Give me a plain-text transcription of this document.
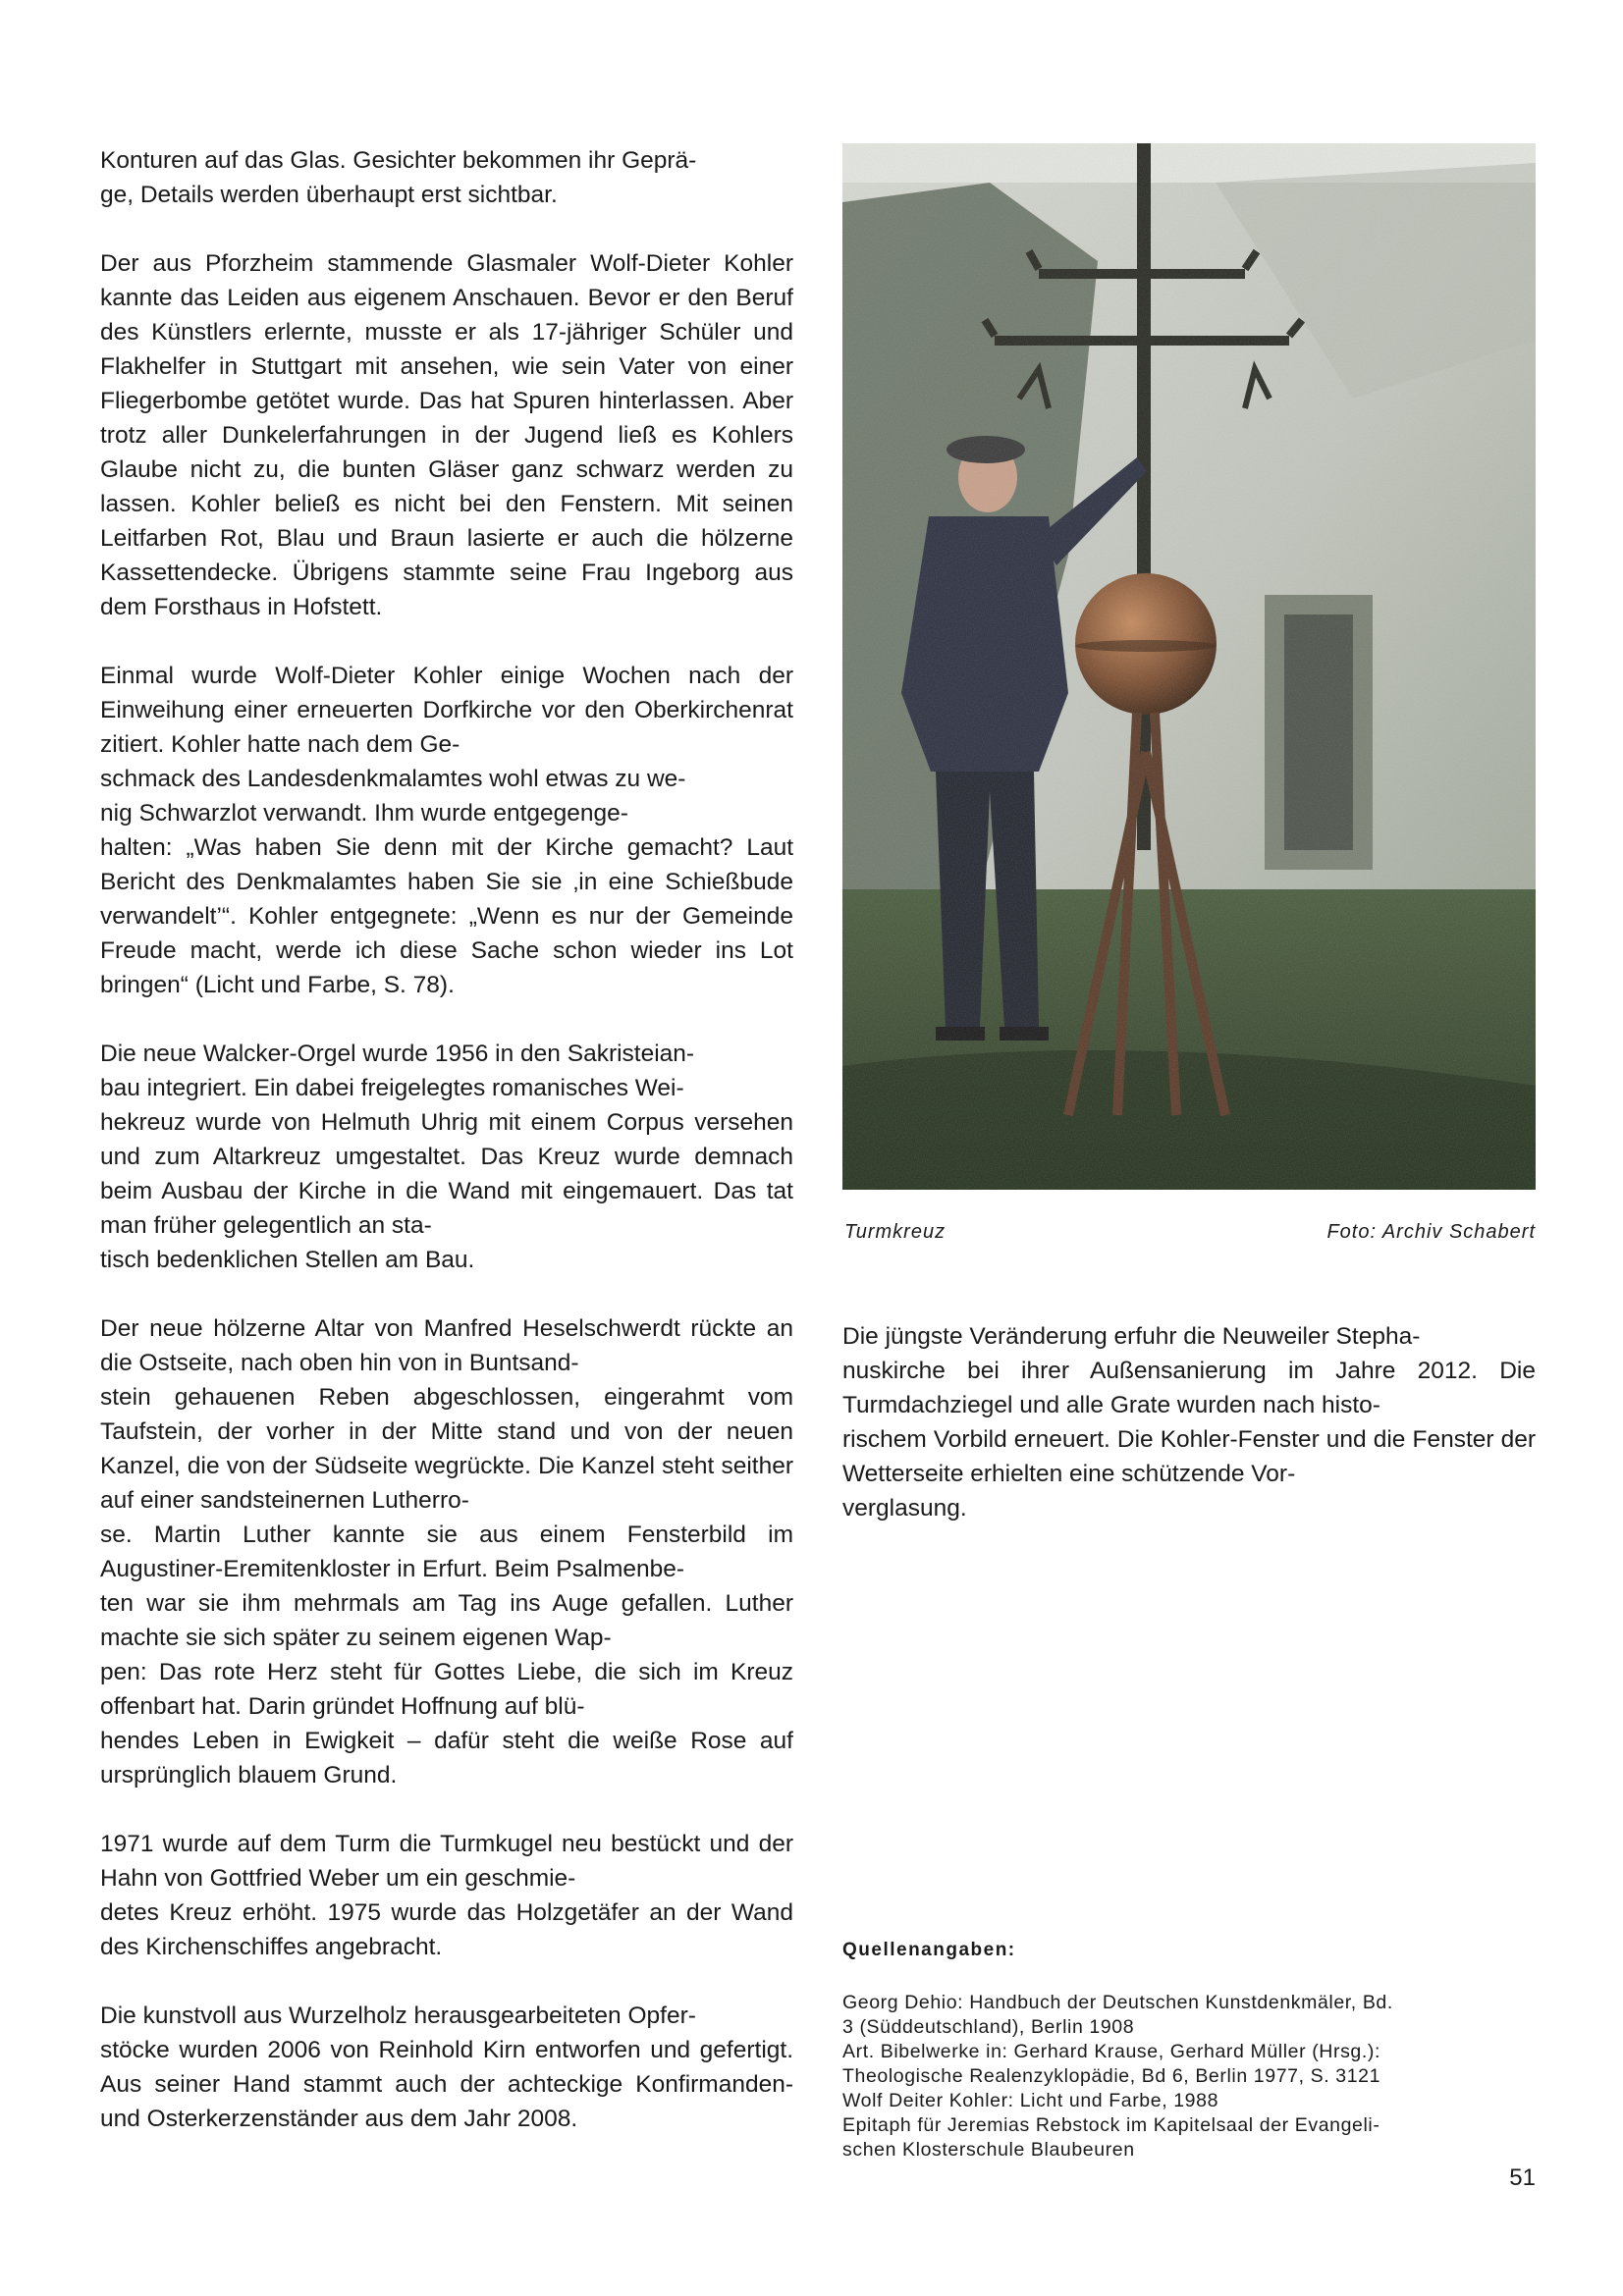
Konturen auf das Glas. Gesichter bekommen ihr Geprä-
ge, Details werden überhaupt erst sichtbar.

Der aus Pforzheim stammende Glasmaler Wolf-Dieter Kohler kannte das Leiden aus eigenem Anschauen. Bevor er den Beruf des Künstlers erlernte, musste er als 17-jähriger Schüler und Flakhelfer in Stuttgart mit ansehen, wie sein Vater von einer Fliegerbombe getötet wurde. Das hat Spuren hinterlassen. Aber trotz aller Dunkelerfahrungen in der Jugend ließ es Kohlers Glaube nicht zu, die bunten Gläser ganz schwarz werden zu lassen. Kohler beließ es nicht bei den Fenstern. Mit seinen Leitfarben Rot, Blau und Braun lasierte er auch die hölzerne Kassettendecke. Übrigens stammte seine Frau Ingeborg aus dem Forsthaus in Hofstett.

Einmal wurde Wolf-Dieter Kohler einige Wochen nach der Einweihung einer erneuerten Dorfkirche vor den Oberkirchenrat zitiert. Kohler hatte nach dem Ge-
schmack des Landesdenkmalamtes wohl etwas zu we-
nig Schwarzlot verwandt. Ihm wurde entgegenge-
halten: „Was haben Sie denn mit der Kirche gemacht? Laut Bericht des Denkmalamtes haben Sie sie ‚in eine Schießbude verwandelt’“. Kohler entgegnete: „Wenn es nur der Gemeinde Freude macht, werde ich diese Sache schon wieder ins Lot bringen“ (Licht und Farbe, S. 78).

Die neue Walcker-Orgel wurde 1956 in den Sakristeian-
bau integriert. Ein dabei freigelegtes romanisches Wei-
hekreuz wurde von Helmuth Uhrig mit einem Corpus versehen und zum Altarkreuz umgestaltet. Das Kreuz wurde demnach beim Ausbau der Kirche in die Wand mit eingemauert. Das tat man früher gelegentlich an sta-
tisch bedenklichen Stellen am Bau.

Der neue hölzerne Altar von Manfred Heselschwerdt rückte an die Ostseite, nach oben hin von in Buntsand-
stein gehauenen Reben abgeschlossen, eingerahmt vom Taufstein, der vorher in der Mitte stand und von der neuen Kanzel, die von der Südseite wegrückte. Die Kanzel steht seither auf einer sandsteinernen Lutherro-
se. Martin Luther kannte sie aus einem Fensterbild im Augustiner-Eremitenkloster in Erfurt. Beim Psalmenbe-
ten war sie ihm mehrmals am Tag ins Auge gefallen. Luther machte sie sich später zu seinem eigenen Wap-
pen: Das rote Herz steht für Gottes Liebe, die sich im Kreuz offenbart hat. Darin gründet Hoffnung auf blü-
hendes Leben in Ewigkeit – dafür steht die weiße Rose auf ursprünglich blauem Grund.

1971 wurde auf dem Turm die Turmkugel neu bestückt und der Hahn von Gottfried Weber um ein geschmie-
detes Kreuz erhöht. 1975 wurde das Holzgetäfer an der Wand des Kirchenschiffes angebracht.

Die kunstvoll aus Wurzelholz herausgearbeiteten Opfer-
stöcke wurden 2006 von Reinhold Kirn entworfen und gefertigt. Aus seiner Hand stammt auch der achteckige Konfirmanden- und Osterkerzenständer aus dem Jahr 2008.

Turmkreuz	Foto: Archiv Schabert

Die jüngste Veränderung erfuhr die Neuweiler Stepha-
nuskirche bei ihrer Außensanierung im Jahre 2012. Die Turmdachziegel und alle Grate wurden nach histo-
rischem Vorbild erneuert. Die Kohler-Fenster und die Fenster der Wetterseite erhielten eine schützende Vor-
verglasung.

Quellenangaben:
Georg Dehio: Handbuch der Deutschen Kunstdenkmäler, Bd.
3 (Süddeutschland), Berlin 1908
Art. Bibelwerke in: Gerhard Krause, Gerhard Müller (Hrsg.):
Theologische Realenzyklopädie, Bd 6, Berlin 1977, S. 3121
Wolf Deiter Kohler: Licht und Farbe, 1988
Epitaph für Jeremias Rebstock im Kapitelsaal der Evangeli-
schen Klosterschule Blaubeuren
51
